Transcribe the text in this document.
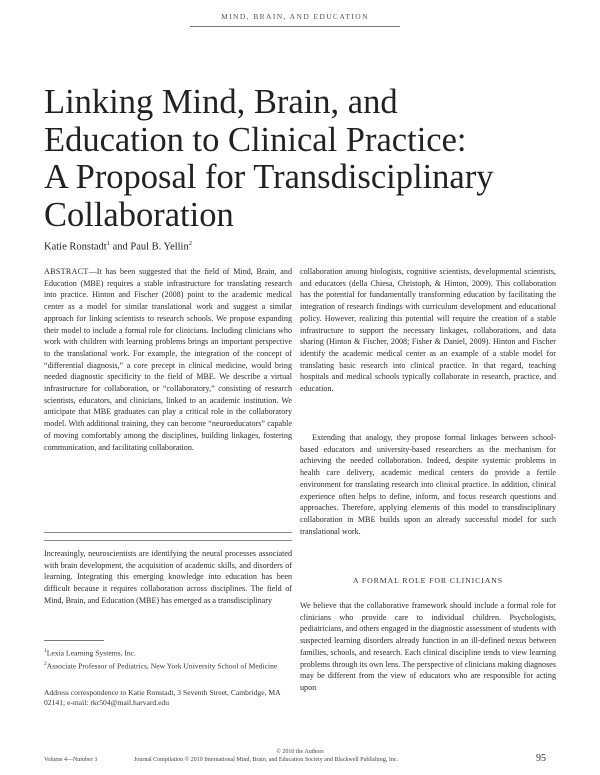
MIND, BRAIN, AND EDUCATION
Linking Mind, Brain, and
Education to Clinical Practice:
A Proposal for Transdisciplinary
Collaboration
Katie Ronstadt$^1$ and Paul B. Yellin$^2$

ABSTRACT—It has been suggested that the field of Mind, Brain, and Education (MBE) requires a stable infrastructure for translating research into practice. Hinton and Fischer (2008) point to the academic medical center as a model for similar translational work and suggest a similar approach for linking scientists to research schools. We propose expanding their model to include a formal role for clinicians. Including clinicians who work with children with learning problems brings an important perspective to the translational work. For example, the integration of the concept of “differential diagnosis,” a core precept in clinical medicine, would bring needed diagnostic specificity to the field of MBE. We describe a virtual infrastructure for collaboration, or “collaboratory,” consisting of research scientists, educators, and clinicians, linked to an academic institution. We anticipate that MBE graduates can play a critical role in the collaboratory model. With additional training, they can become “neuroeducators” capable of moving comfortably among the disciplines, building linkages, fostering communication, and facilitating collaboration.

Increasingly, neuroscientists are identifying the neural processes associated with brain development, the acquisition of academic skills, and disorders of learning. Integrating this emerging knowledge into education has been difficult because it requires collaboration across disciplines. The field of Mind, Brain, and Education (MBE) has emerged as a transdisciplinary

$^1$Lexia Learning Systems, Inc.

$^2$Associate Professor of Pediatrics, New York University School of Medicine

Address correspondence to Katie Ronstadt, 3 Seventh Street, Cambridge, MA 02141; e-mail: rkr504@mail.harvard.edu

collaboration among biologists, cognitive scientists, developmental scientists, and educators (della Chiesa, Christoph, & Hinton, 2009). This collaboration has the potential for fundamentally transforming education by facilitating the integration of research findings with curriculum development and educational policy. However, realizing this potential will require the creation of a stable infrastructure to support the necessary linkages, collaborations, and data sharing (Hinton & Fischer, 2008; Fisher & Daniel, 2009). Hinton and Fischer identify the academic medical center as an example of a stable model for translating basic research into clinical practice. In that regard, teaching hospitals and medical schools typically collaborate in research, practice, and education.

Extending that analogy, they propose formal linkages between school-based educators and university-based researchers as the mechanism for achieving the needed collaboration. Indeed, despite systemic problems in health care delivery, academic medical centers do provide a fertile environment for translating research into clinical practice. In addition, clinical experience often helps to define, inform, and focus research questions and approaches. Therefore, applying elements of this model to transdisciplinary collaboration in MBE builds upon an already successful model for such translational work.

A FORMAL ROLE FOR CLINICIANS

We believe that the collaborative framework should include a formal role for clinicians who provide care to individual children. Psychologists, pediatricians, and others engaged in the diagnostic assessment of students with suspected learning disorders already function in an ill-defined nexus between families, schools, and research. Each clinical discipline tends to view learning problems through its own lens. The perspective of clinicians making diagnoses may be different from the view of educators who are responsible for acting upon

© 2010 the Authors
Volume 4—Number 3	Journal Compilation © 2010 International Mind, Brain, and Education Society and Blackwell Publishing, Inc.	95
